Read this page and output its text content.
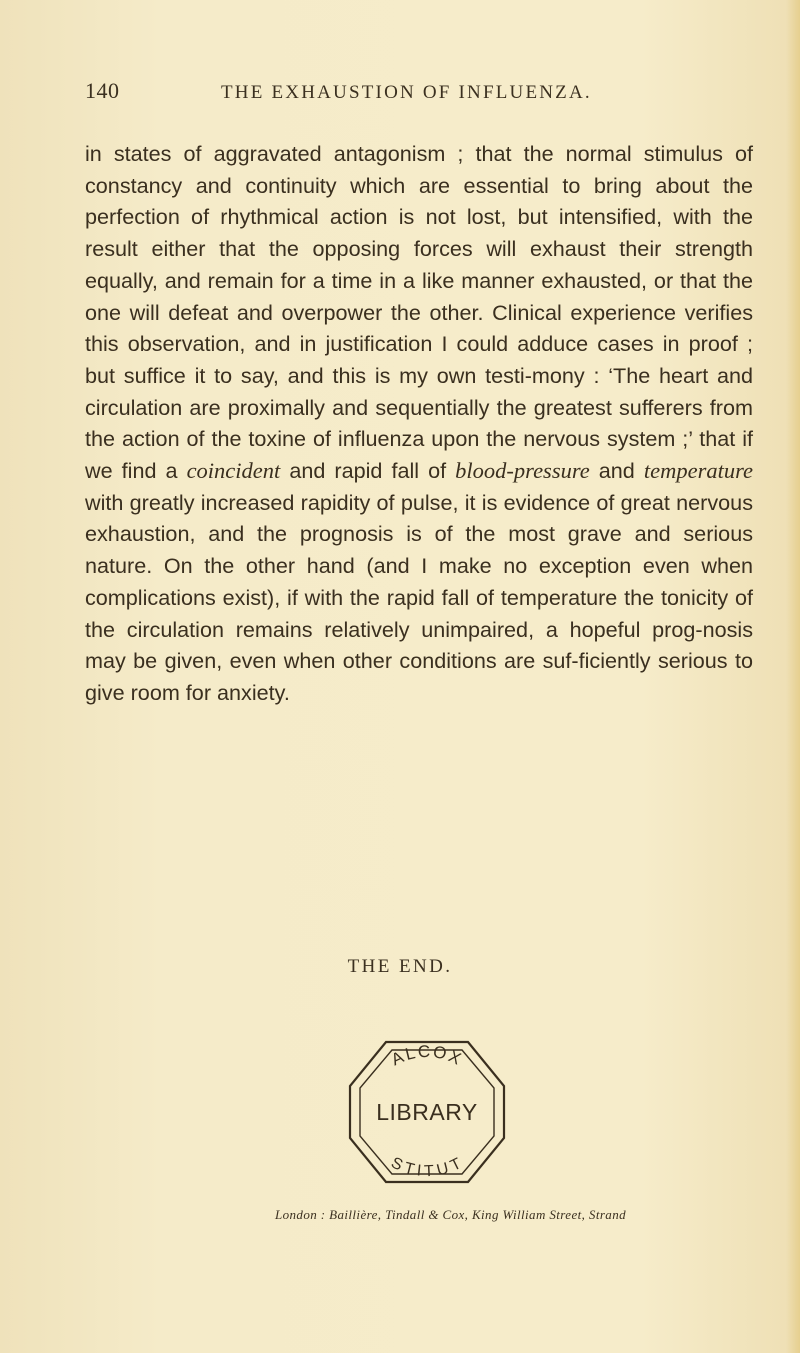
140	THE EXHAUSTION OF INFLUENZA.

in states of aggravated antagonism ; that the normal stimulus of constancy and continuity which are essential to bring about the perfection of rhythmical action is not lost, but intensified, with the result either that the opposing forces will exhaust their strength equally, and remain for a time in a like manner exhausted, or that the one will defeat and overpower the other. Clinical experience verifies this observation, and in justification I could adduce cases in proof ; but suffice it to say, and this is my own testi-mony : ‘The heart and circulation are proximally and sequentially the greatest sufferers from the action of the toxine of influenza upon the nervous system ;’ that if we find a coincident and rapid fall of blood-pressure and temperature with greatly increased rapidity of pulse, it is evidence of great nervous exhaustion, and the prognosis is of the most grave and serious nature. On the other hand (and I make no exception even when complications exist), if with the rapid fall of temperature the tonicity of the circulation remains relatively unimpaired, a hopeful prog-nosis may be given, even when other conditions are suf-ficiently serious to give room for anxiety.

THE END.
ALCOX
LIBRARY
STITUT
London : Baillière, Tindall & Cox, King William Street, Strand
